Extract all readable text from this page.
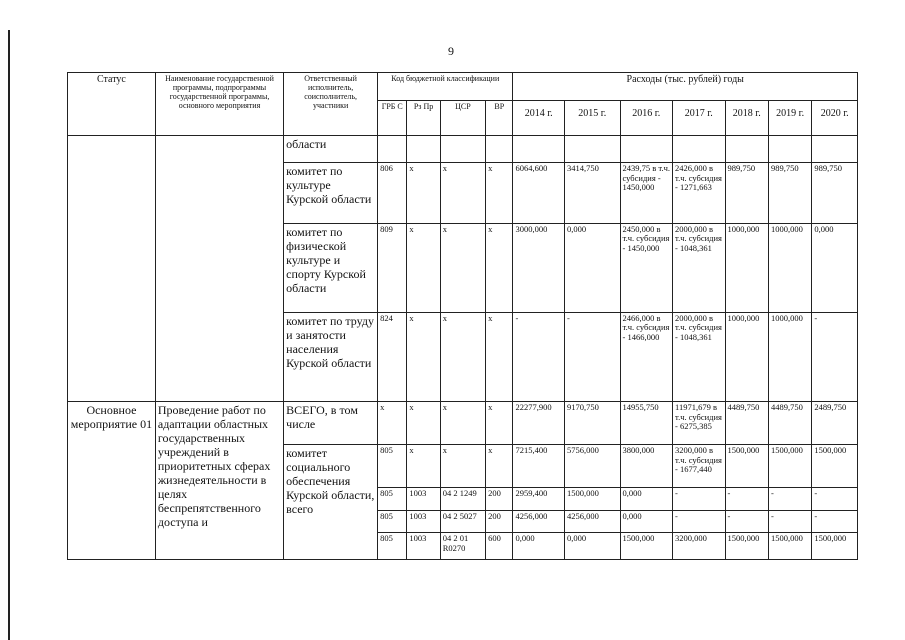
9
Статус	Наименование государственной программы, подпрограммы государственной программы, основного мероприятия	Ответственный исполнитель, соисполнитель, участники	Код бюджетной классификации				Расходы (тыс. рублей) годы						
			ГРБ С	Рз Пр	ЦСР	ВР	2014 г.	2015 г.	2016 г.	2017 г.	2018 г.	2019 г.	2020 г.
		области											
		комитет по культуре Курской области	806	х	х	х	6064,600	3414,750	2439,75 в т.ч. субсидия - 1450,000	2426,000 в т.ч. субсидия - 1271,663	989,750	989,750	989,750
		комитет по физической культуре и спорту Курской области	809	х	х	х	3000,000	0,000	2450,000 в т.ч. субсидия - 1450,000	2000,000 в т.ч. субсидия - 1048,361	1000,000	1000,000	0,000
		комитет по труду и занятости населения Курской области	824	х	х	х	-	-	2466,000 в т.ч. субсидия - 1466,000	2000,000 в т.ч. субсидия - 1048,361	1000,000	1000,000	-
Основное мероприятие 01	Проведение работ по адаптации областных государственных учреждений в приоритетных сферах жизнедеятельности в целях беспрепятственного доступа и	ВСЕГО, в том числе	х	х	х	х	22277,900	9170,750	14955,750	11971,679 в т.ч. субсидия - 6275,385	4489,750	4489,750	2489,750
		комитет социального обеспечения Курской области, всего	805	х	х	х	7215,400	5756,000	3800,000	3200,000 в т.ч. субсидия - 1677,440	1500,000	1500,000	1500,000
			805	1003	04 2 1249	200	2959,400	1500,000	0,000	-	-	-	-
			805	1003	04 2 5027	200	4256,000	4256,000	0,000	-	-	-	-
			805	1003	04 2 01 R0270	600	0,000	0,000	1500,000	3200,000	1500,000	1500,000	1500,000
